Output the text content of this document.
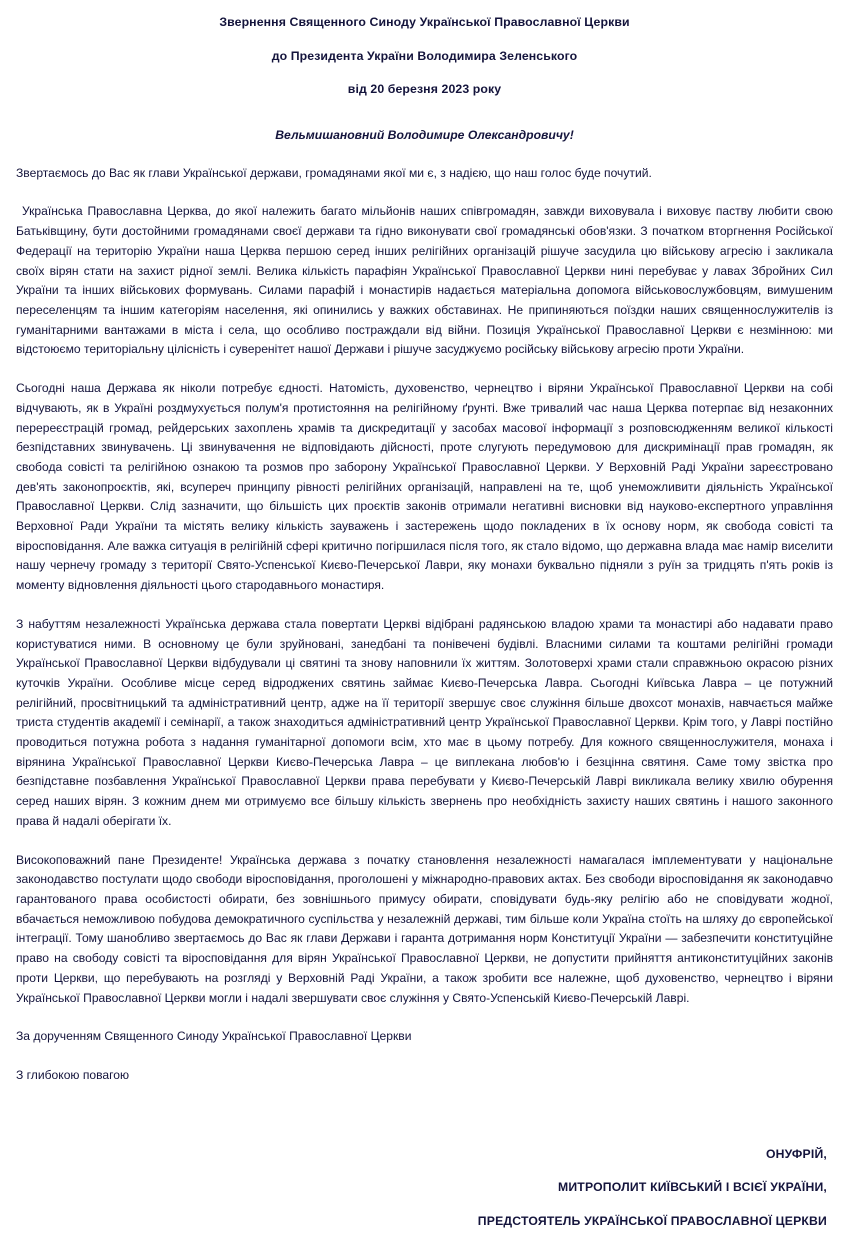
Звернення Священного Синоду Української Православної Церкви
до Президента України Володимира Зеленського
від 20 березня 2023 року
Вельмишановний Володимире Олександровичу!

Звертаємось до Вас як глави Української держави, громадянами якої ми є, з надією, що наш голос буде почутий.

Українська Православна Церква, до якої належить багато мільйонів наших співгромадян, завжди виховувала і виховує паству любити свою Батьківщину, бути достойними громадянами своєї держави та гідно виконувати свої громадянські обов'язки. З початком вторгнення Російської Федерації на територію України наша Церква першою серед інших релігійних організацій рішуче засудила цю військову агресію і закликала своїх вірян стати на захист рідної землі. Велика кількість парафіян Української Православної Церкви нині перебуває у лавах Збройних Сил України та інших військових формувань. Силами парафій і монастирів надається матеріальна допомога військовослужбовцям, вимушеним переселенцям та іншим категоріям населення, які опинились у важких обставинах. Не припиняються поїздки наших священнослужителів із гуманітарними вантажами в міста і села, що особливо постраждали від війни. Позиція Української Православної Церкви є незмінною: ми відстоюємо територіальну цілісність і суверенітет нашої Держави і рішуче засуджуємо російську військову агресію проти України.

Сьогодні наша Держава як ніколи потребує єдності. Натомість, духовенство, чернецтво і віряни Української Православної Церкви на собі відчувають, як в Україні роздмухується полум'я протистояння на релігійному ґрунті. Вже тривалий час наша Церква потерпає від незаконних перереєстрацій громад, рейдерських захоплень храмів та дискредитації у засобах масової інформації з розповсюдженням великої кількості безпідставних звинувачень. Ці звинувачення не відповідають дійсності, проте слугують передумовою для дискримінації прав громадян, як свобода совісті та релігійною ознакою та розмов про заборону Української Православної Церкви. У Верховній Раді України зареєстровано дев'ять законопроєктів, які, всупереч принципу рівності релігійних організацій, направлені на те, щоб унеможливити діяльність Української Православної Церкви. Слід зазначити, що більшість цих проєктів законів отримали негативні висновки від науково-експертного управління Верховної Ради України та містять велику кількість зауважень і застережень щодо покладених в їх основу норм, як свобода совісті та віросповідання. Але важка ситуація в релігійній сфері критично погіршилася після того, як стало відомо, що державна влада має намір виселити нашу чернечу громаду з території Свято-Успенської Києво-Печерської Лаври, яку монахи буквально підняли з руїн за тридцять п'ять років із моменту відновлення діяльності цього стародавнього монастиря.

З набуттям незалежності Українська держава стала повертати Церкві відібрані радянською владою храми та монастирі або надавати право користуватися ними. В основному це були зруйновані, занедбані та понівечені будівлі. Власними силами та коштами релігійні громади Української Православної Церкви відбудували ці святині та знову наповнили їх життям. Золотоверхі храми стали справжньою окрасою різних куточків України. Особливе місце серед відроджених святинь займає Києво-Печерська Лавра. Сьогодні Київська Лавра – це потужний релігійний, просвітницький та адміністративний центр, адже на її території звершує своє служіння більше двохсот монахів, навчається майже триста студентів академії і семінарії, а також знаходиться адміністративний центр Української Православної Церкви. Крім того, у Лаврі постійно проводиться потужна робота з надання гуманітарної допомоги всім, хто має в цьому потребу. Для кожного священнослужителя, монаха і вірянина Української Православної Церкви Києво-Печерська Лавра – це виплекана любов'ю і безцінна святиня. Саме тому звістка про безпідставне позбавлення Української Православної Церкви права перебувати у Києво-Печерській Лаврі викликала велику хвилю обурення серед наших вірян. З кожним днем ми отримуємо все більшу кількість звернень про необхідність захисту наших святинь і нашого законного права й надалі оберігати їх.

Високоповажний пане Президенте! Українська держава з початку становлення незалежності намагалася імплементувати у національне законодавство постулати щодо свободи віросповідання, проголошені у міжнародно-правових актах. Без свободи віросповідання як законодавчо гарантованого права особистості обирати, без зовнішнього примусу обирати, сповідувати будь-яку релігію або не сповідувати жодної, вбачається неможливою побудова демократичного суспільства у незалежній державі, тим більше коли Україна стоїть на шляху до європейської інтеграції. Тому шанобливо звертаємось до Вас як глави Держави і гаранта дотримання норм Конституції України — забезпечити конституційне право на свободу совісті та віросповідання для вірян Української Православної Церкви, не допустити прийняття антиконституційних законів проти Церкви, що перебувають на розгляді у Верховній Раді України, а також зробити все належне, щоб духовенство, чернецтво і віряни Української Православної Церкви могли і надалі звершувати своє служіння у Свято-Успенській Києво-Печерській Лаврі.

За дорученням Священного Синоду Української Православної Церкви
З глибокою повагою
ОНУФРІЙ,
МИТРОПОЛИТ КИЇВСЬКИЙ І ВСІЄЇ УКРАЇНИ,
ПРЕДСТОЯТЕЛЬ УКРАЇНСЬКОЇ ПРАВОСЛАВНОЇ ЦЕРКВИ
